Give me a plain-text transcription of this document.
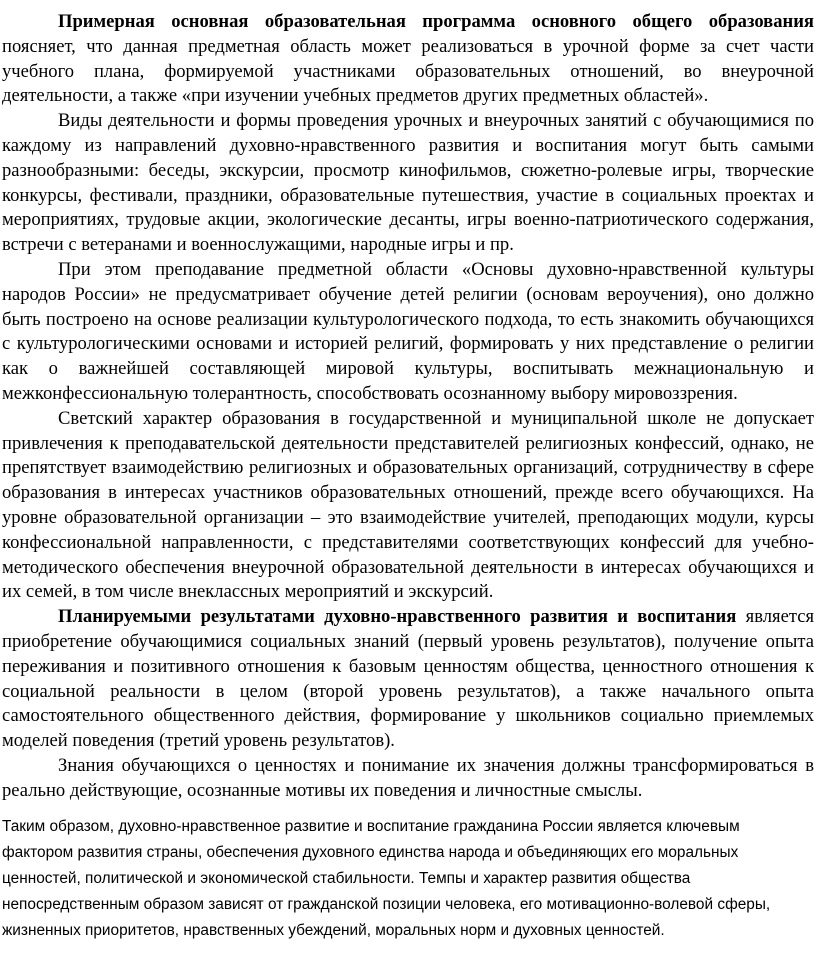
Примерная основная образовательная программа основного общего образования поясняет, что данная предметная область может реализоваться в урочной форме за счет части учебного плана, формируемой участниками образовательных отношений, во внеурочной деятельности, а также «при изучении учебных предметов других предметных областей».

Виды деятельности и формы проведения урочных и внеурочных занятий с обучающимися по каждому из направлений духовно-нравственного развития и воспитания могут быть самыми разнообразными: беседы, экскурсии, просмотр кинофильмов, сюжетно-ролевые игры, творческие конкурсы, фестивали, праздники, образовательные путешествия, участие в социальных проектах и мероприятиях, трудовые акции, экологические десанты, игры военно-патриотического содержания, встречи с ветеранами и военнослужащими, народные игры и пр.

При этом преподавание предметной области «Основы духовно-нравственной культуры народов России» не предусматривает обучение детей религии (основам вероучения), оно должно быть построено на основе реализации культурологического подхода, то есть знакомить обучающихся с культурологическими основами и историей религий, формировать у них представление о религии как о важнейшей составляющей мировой культуры, воспитывать межнациональную и межконфессиональную толерантность, способствовать осознанному выбору мировоззрения.

Светский характер образования в государственной и муниципальной школе не допускает привлечения к преподавательской деятельности представителей религиозных конфессий, однако, не препятствует взаимодействию религиозных и образовательных организаций, сотрудничеству в сфере образования в интересах участников образовательных отношений, прежде всего обучающихся. На уровне образовательной организации – это взаимодействие учителей, преподающих модули, курсы конфессиональной направленности, с представителями соответствующих конфессий для учебно-методического обеспечения внеурочной образовательной деятельности в интересах обучающихся и их семей, в том числе внеклассных мероприятий и экскурсий.

Планируемыми результатами духовно-нравственного развития и воспитания является приобретение обучающимися социальных знаний (первый уровень результатов), получение опыта переживания и позитивного отношения к базовым ценностям общества, ценностного отношения к социальной реальности в целом (второй уровень результатов), а также начального опыта самостоятельного общественного действия, формирование у школьников социально приемлемых моделей поведения (третий уровень результатов).

Знания обучающихся о ценностях и понимание их значения должны трансформироваться в реально действующие, осознанные мотивы их поведения и личностные смыслы.

Таким образом, духовно-нравственное развитие и воспитание гражданина России является ключевым

фактором развития страны, обеспечения духовного единства народа и объединяющих его моральных

ценностей, политической и экономической стабильности. Темпы и характер развития общества

непосредственным образом зависят от гражданской позиции человека, его мотивационно-волевой сферы,

жизненных приоритетов, нравственных убеждений, моральных норм и духовных ценностей.
